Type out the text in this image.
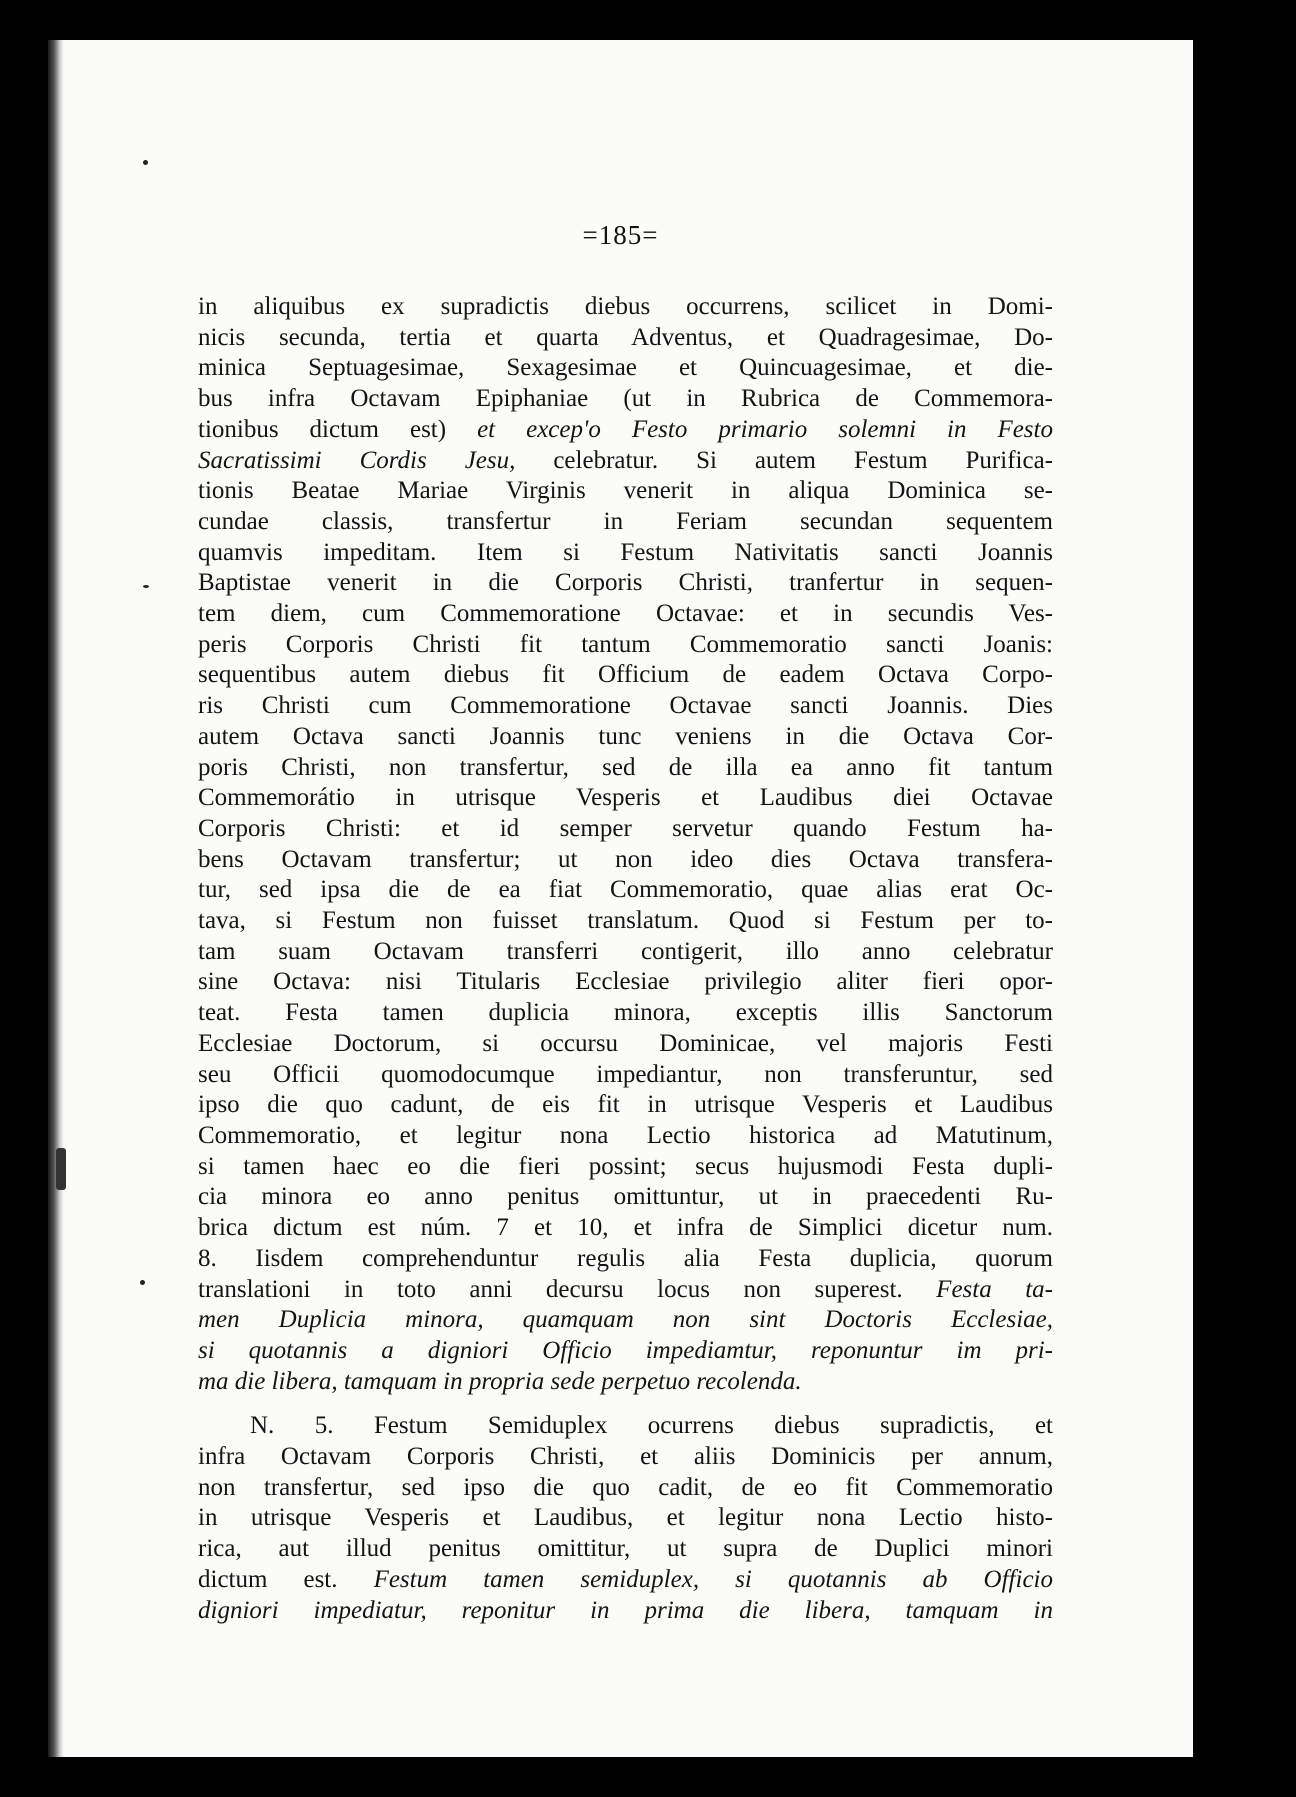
=185=
in aliquibus ex supradictis diebus occurrens, scilicet in Domi-
nicis secunda, tertia et quarta Adventus, et Quadragesimae, Do-
minica Septuagesimae, Sexagesimae et Quincuagesimae, et die-
bus infra Octavam Epiphaniae (ut in Rubrica de Commemora-
tionibus dictum est) et excep'o Festo primario solemni in Festo
Sacratissimi Cordis Jesu, celebratur. Si autem Festum Purifica-
tionis Beatae Mariae Virginis venerit in aliqua Dominica se-
cundae classis, transfertur in Feriam secundan sequentem
quamvis impeditam. Item si Festum Nativitatis sancti Joannis
Baptistae venerit in die Corporis Christi, tranfertur in sequen-
tem diem, cum Commemoratione Octavae: et in secundis Ves-
peris Corporis Christi fit tantum Commemoratio sancti Joanis:
sequentibus autem diebus fit Officium de eadem Octava Corpo-
ris Christi cum Commemoratione Octavae sancti Joannis. Dies
autem Octava sancti Joannis tunc veniens in die Octava Cor-
poris Christi, non transfertur, sed de illa ea anno fit tantum
Commemorátio in utrisque Vesperis et Laudibus diei Octavae
Corporis Christi: et id semper servetur quando Festum ha-
bens Octavam transfertur; ut non ideo dies Octava transfera-
tur, sed ipsa die de ea fiat Commemoratio, quae alias erat Oc-
tava, si Festum non fuisset translatum. Quod si Festum per to-
tam suam Octavam transferri contigerit, illo anno celebratur
sine Octava: nisi Titularis Ecclesiae privilegio aliter fieri opor-
teat. Festa tamen duplicia minora, exceptis illis Sanctorum
Ecclesiae Doctorum, si occursu Dominicae, vel majoris Festi
seu Officii quomodocumque impediantur, non transferuntur, sed
ipso die quo cadunt, de eis fit in utrisque Vesperis et Laudibus
Commemoratio, et legitur nona Lectio historica ad Matutinum,
si tamen haec eo die fieri possint; secus hujusmodi Festa dupli-
cia minora eo anno penitus omittuntur, ut in praecedenti Ru-
brica dictum est núm. 7 et 10, et infra de Simplici dicetur num.
8. Iisdem comprehenduntur regulis alia Festa duplicia, quorum
translationi in toto anni decursu locus non superest. Festa ta-
men Duplicia minora, quamquam non sint Doctoris Ecclesiae,
si quotannis a digniori Officio impediamtur, reponuntur im pri-
ma die libera, tamquam in propria sede perpetuo recolenda.
N. 5. Festum Semiduplex ocurrens diebus supradictis, et
infra Octavam Corporis Christi, et aliis Dominicis per annum,
non transfertur, sed ipso die quo cadit, de eo fit Commemoratio
in utrisque Vesperis et Laudibus, et legitur nona Lectio histo-
rica, aut illud penitus omittitur, ut supra de Duplici minori
dictum est. Festum tamen semiduplex, si quotannis ab Officio
digniori impediatur, reponitur in prima die libera, tamquam in
